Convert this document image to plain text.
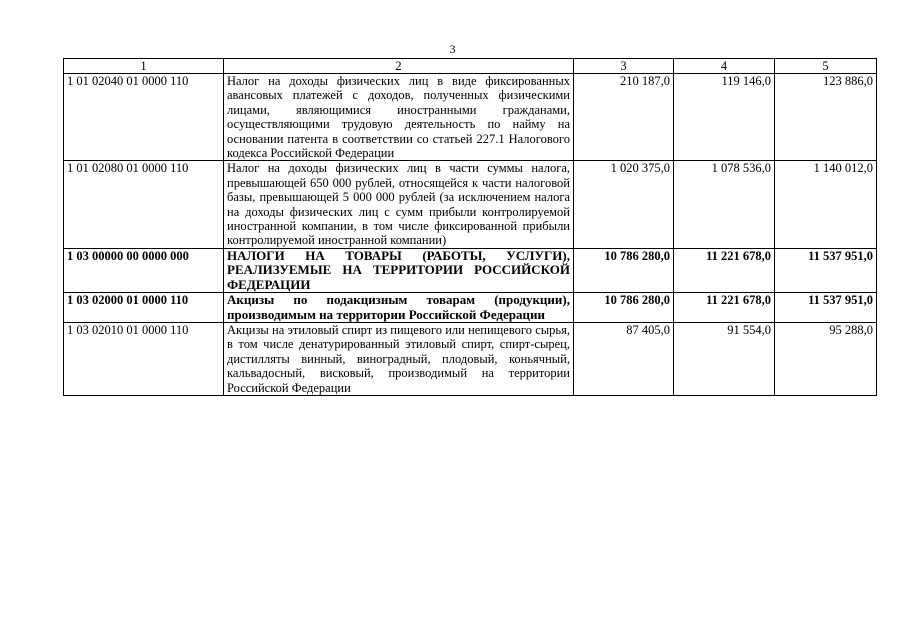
3
1	2	3	4	5
1 01 02040 01 0000 110	Налог на доходы физических лиц в виде фиксированных авансовых платежей с доходов, полученных физическими лицами, являющимися иностранными гражданами, осуществляющими трудовую деятельность по найму на основании патента в соответствии со статьей 227.1 Налогового кодекса Российской Федерации	210 187,0	119 146,0	123 886,0
1 01 02080 01 0000 110	Налог на доходы физических лиц в части суммы налога, превышающей 650 000 рублей, относящейся к части налоговой базы, превышающей 5 000 000 рублей (за исключением налога на доходы физических лиц с сумм прибыли контролируемой иностранной компании, в том числе фиксированной прибыли контролируемой иностранной компании)	1 020 375,0	1 078 536,0	1 140 012,0
1 03 00000 00 0000 000	НАЛОГИ НА ТОВАРЫ (РАБОТЫ, УСЛУГИ), РЕАЛИЗУЕМЫЕ НА ТЕРРИТОРИИ РОССИЙСКОЙ ФЕДЕРАЦИИ	10 786 280,0	11 221 678,0	11 537 951,0
1 03 02000 01 0000 110	Акцизы по подакцизным товарам (продукции), производимым на территории Российской Федерации	10 786 280,0	11 221 678,0	11 537 951,0
1 03 02010 01 0000 110	Акцизы на этиловый спирт из пищевого или непищевого сырья, в том числе денатурированный этиловый спирт, спирт-сырец, дистилляты винный, виноградный, плодовый, коньячный, кальвадосный, висковый, производимый на территории Российской Федерации	87 405,0	91 554,0	95 288,0
